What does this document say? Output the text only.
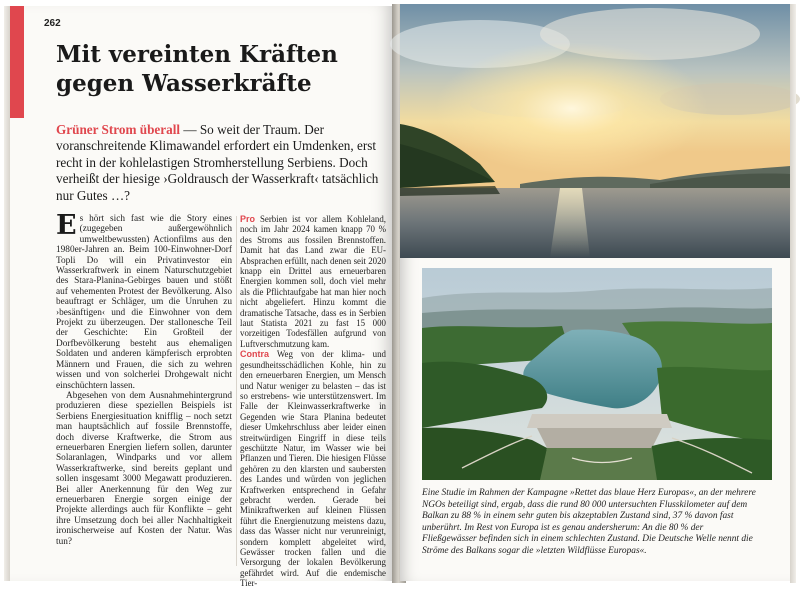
262
Mit vereinten Kräften gegen Wasserkräfte

Grüner Strom überall — So weit der Traum. Der voranschreitende Klimawandel erfordert ein Umdenken, erst recht in der kohlelastigen Stromherstellung Serbiens. Doch verheißt der hiesige ›Goldrausch der Wasserkraft‹ tatsächlich nur Gutes …?

Es hört sich fast wie die Story eines (zugegeben außergewöhnlich umweltbewussten) Actionfilms aus den 1980er-Jahren an. Beim 100-Einwohner-Dorf Topli Do will ein Privatinvestor ein Wasserkraftwerk in einem Naturschutzgebiet des Stara-Planina-Gebirges bauen und stößt auf vehementen Protest der Bevölkerung. Also beauftragt er Schläger, um die Unruhen zu ›besänftigen‹ und die Einwohner von dem Projekt zu überzeugen. Der stallonesche Teil der Geschichte: Ein Großteil der Dorfbevölkerung besteht aus ehemaligen Soldaten und anderen kämpferisch erprobten Männern und Frauen, die sich zu wehren wissen und von solcherlei Drohgewalt nicht einschüchtern lassen.

Abgesehen von dem Ausnahmehintergrund produzieren diese speziellen Beispiels ist Serbiens Energiesituation knifflig – noch setzt man hauptsächlich auf fossile Brennstoffe, doch diverse Kraftwerke, die Strom aus erneuerbaren Energien liefern sollen, darunter Solaranlagen, Windparks und vor allem Wasserkraftwerke, sind bereits geplant und sollen insgesamt 3000 Megawatt produzieren. Bei aller Anerkennung für den Weg zur erneuerbaren Energie sorgen einige der Projekte allerdings auch für Konflikte – geht ihre Umsetzung doch bei aller Nachhaltigkeit ironischerweise auf Kosten der Natur. Was tun?

Pro Serbien ist vor allem Kohleland, noch im Jahr 2024 kamen knapp 70 % des Stroms aus fossilen Brennstoffen. Damit hat das Land zwar die EU-Absprachen erfüllt, nach denen seit 2020 knapp ein Drittel aus erneuerbaren Energien kommen soll, doch viel mehr als die Pflichtaufgabe hat man hier noch nicht abgeliefert. Hinzu kommt die dramatische Tatsache, dass es in Serbien laut Statista 2021 zu fast 15 000 vorzeitigen Todesfällen aufgrund von Luftverschmutzung kam.

Contra Weg von der klima- und gesundheitsschädlichen Kohle, hin zu den erneuerbaren Energien, um Mensch und Natur weniger zu belasten – das ist so erstrebens- wie unterstützenswert. Im Falle der Kleinwasserkraftwerke in Gegenden wie Stara Planina bedeutet dieser Umkehrschluss aber leider einen streitwürdigen Eingriff in diese teils geschützte Natur, im Wasser wie bei Pflanzen und Tieren. Die hiesigen Flüsse gehören zu den klarsten und saubersten des Landes und würden von jeglichen Kraftwerken entsprechend in Gefahr gebracht werden. Gerade bei Minikraftwerken auf kleinen Flüssen führt die Energienutzung meistens dazu, dass das Wasser nicht nur verunreinigt, sondern komplett abgeleitet wird, Gewässer trocken fallen und die Versorgung der lokalen Bevölkerung gefährdet wird. Auf die endemische Tier-

Eine Studie im Rahmen der Kampagne »Rettet das blaue Herz Europas«, an der mehrere NGOs beteiligt sind, ergab, dass die rund 80 000 untersuchten Flusskilometer auf dem Balkan zu 88 % in einem sehr guten bis akzeptablen Zustand sind, 37 % davon fast unberührt. Im Rest von Europa ist es genau andersherum: An die 80 % der Fließgewässer befinden sich in einem schlechten Zustand. Die Deutsche Welle nennt die Ströme des Balkans sogar die »letzten Wildflüsse Europas«.
